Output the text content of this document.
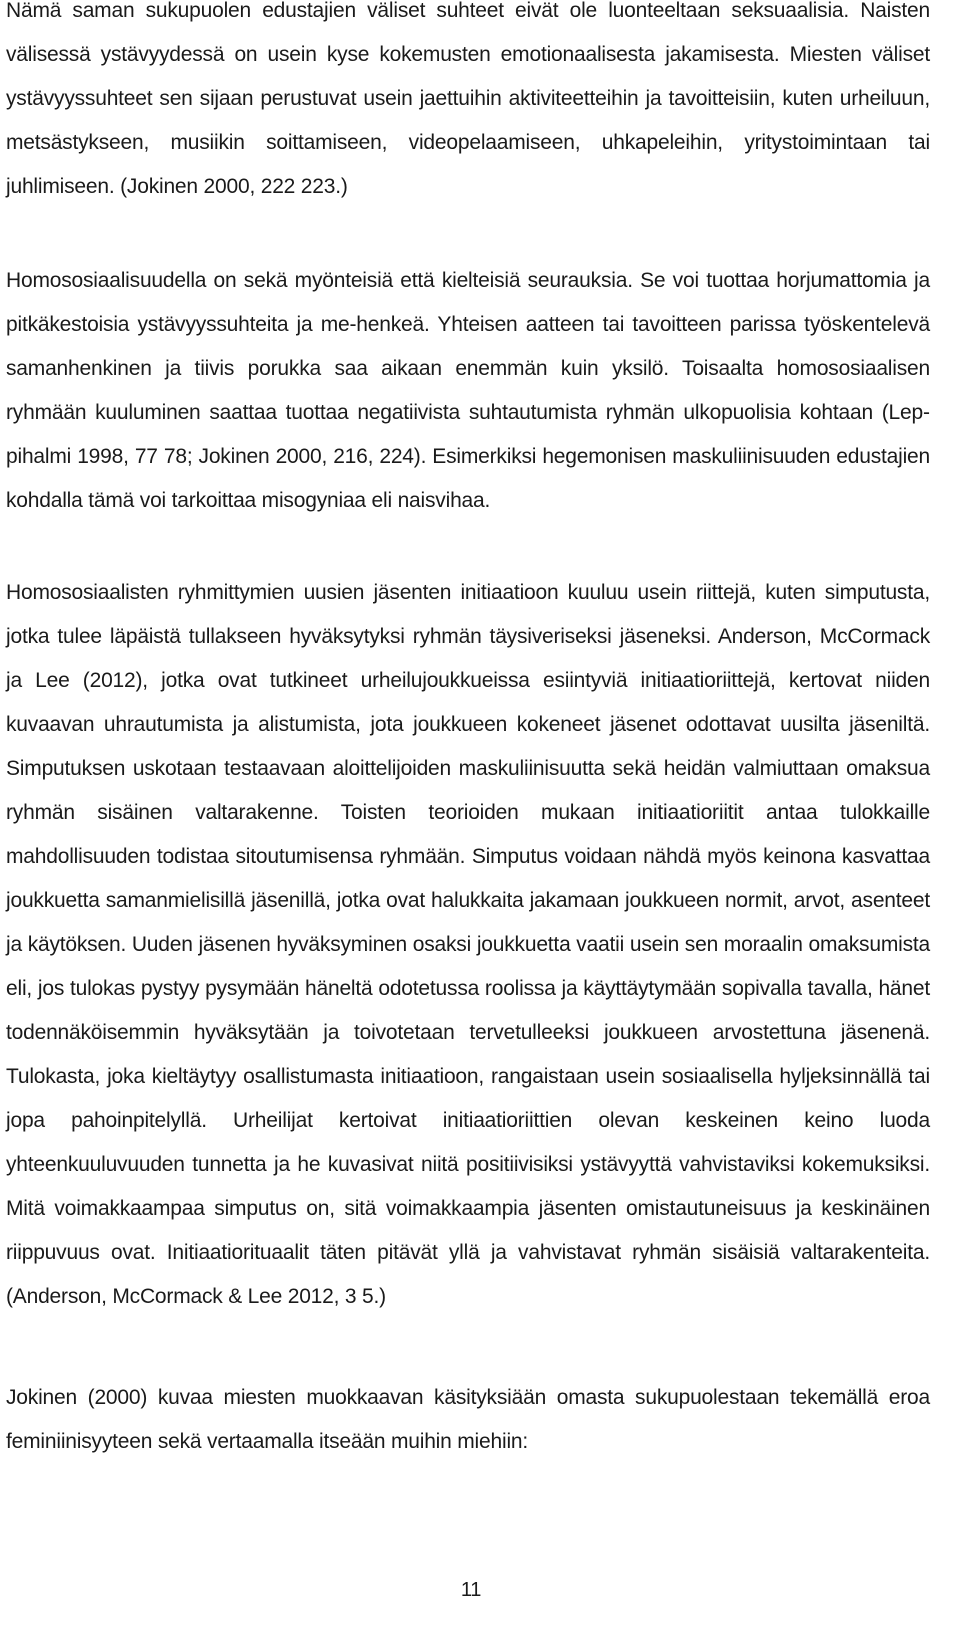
Nämä saman sukupuolen edustajien väliset suhteet eivät ole luonteeltaan seksuaalisia. Naisten välisessä ystävyydessä on usein kyse kokemusten emotionaalisesta jakamisesta. Miesten väliset ystävyyssuhteet sen sijaan perustuvat usein jaettuihin aktiviteetteihin ja tavoitteisiin, kuten urheiluun, metsästykseen, musiikin soittamiseen, videopelaamiseen, uhkapeleihin, yritystoimintaan tai juhlimiseen. (Jokinen 2000, 222 223.)

Homososiaalisuudella on sekä myönteisiä että kielteisiä seurauksia. Se voi tuottaa horjumattomia ja pitkäkestoisia ystävyyssuhteita ja me-henkeä. Yhteisen aatteen tai tavoitteen parissa työskentelevä samanhenkinen ja tiivis porukka saa aikaan enemmän kuin yksilö. Toisaalta homososiaalisen ryhmään kuuluminen saattaa tuottaa negatiivista suhtautumista ryhmän ulkopuolisia kohtaan (Leppihalmi 1998, 77 78; Jokinen 2000, 216, 224). Esimerkiksi hegemonisen maskuliinisuuden edustajien kohdalla tämä voi tarkoittaa misogyniaa eli naisvihaa.

Homososiaalisten ryhmittymien uusien jäsenten initiaatioon kuuluu usein riittejä, kuten simputusta, jotka tulee läpäistä tullakseen hyväksytyksi ryhmän täysiveriseksi jäseneksi. Anderson, McCormack ja Lee (2012), jotka ovat tutkineet urheilujoukkueissa esiintyviä initiaatioriittejä, kertovat niiden kuvaavan uhrautumista ja alistumista, jota joukkueen kokeneet jäsenet odottavat uusilta jäseniltä. Simputuksen uskotaan testaavaan aloittelijoiden maskuliinisuutta sekä heidän valmiuttaan omaksua ryhmän sisäinen valtarakenne. Toisten teorioiden mukaan initiaatioriitit antaa tulokkaille mahdollisuuden todistaa sitoutumisensa ryhmään. Simputus voidaan nähdä myös keinona kasvattaa joukkuetta samanmielisillä jäsenillä, jotka ovat halukkaita jakamaan joukkueen normit, arvot, asenteet ja käytöksen. Uuden jäsenen hyväksyminen osaksi joukkuetta vaatii usein sen moraalin omaksumista eli, jos tulokas pystyy pysymään häneltä odotetussa roolissa ja käyttäytymään sopivalla tavalla, hänet todennäköisemmin hyväksytään ja toivotetaan tervetulleeksi joukkueen arvostettuna jäsenenä. Tulokasta, joka kieltäytyy osallistumasta initiaatioon, rangaistaan usein sosiaalisella hyljeksinnällä tai jopa pahoinpitelyllä. Urheilijat kertoivat initiaatioriittien olevan keskeinen keino luoda yhteenkuuluvuuden tunnetta ja he kuvasivat niitä positiivisiksi ystävyyttä vahvistaviksi kokemuksiksi. Mitä voimakkaampaa simputus on, sitä voimakkaampia jäsenten omistautuneisuus ja keskinäinen riippuvuus ovat. Initiaatiorituaalit täten pitävät yllä ja vahvistavat ryhmän sisäisiä valtarakenteita. (Anderson, McCormack & Lee 2012, 3 5.)

Jokinen (2000) kuvaa miesten muokkaavan käsityksiään omasta sukupuolestaan tekemällä eroa feminiinisyyteen sekä vertaamalla itseään muihin miehiin:

11
